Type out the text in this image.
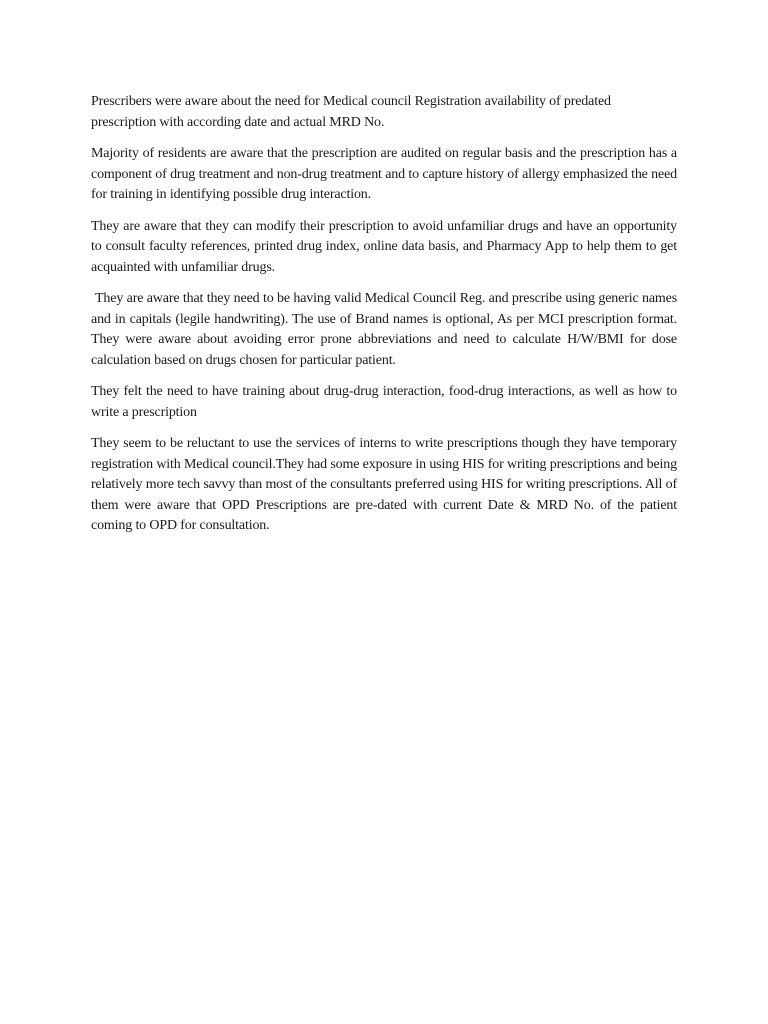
Prescribers were aware about the need for Medical council Registration availability of predated prescription with according date and actual MRD No.

Majority of residents are aware that the prescription are audited on regular basis and the prescription has a component of drug treatment and non-drug treatment and to capture history of allergy emphasized the need for training in identifying possible drug interaction.

They are aware that they can modify their prescription to avoid unfamiliar drugs and have an opportunity to consult faculty references, printed drug index, online data basis, and Pharmacy App to help them to get acquainted with unfamiliar drugs.

They are aware that they need to be having valid Medical Council Reg. and prescribe using generic names and in capitals (legile handwriting). The use of Brand names is optional, As per MCI prescription format. They were aware about avoiding error prone abbreviations and need to calculate H/W/BMI for dose calculation based on drugs chosen for particular patient.

They felt the need to have training about drug-drug interaction, food-drug interactions, as well as how to write a prescription

They seem to be reluctant to use the services of interns to write prescriptions though they have temporary registration with Medical council.They had some exposure in using HIS for writing prescriptions and being relatively more tech savvy than most of the consultants preferred using HIS for writing prescriptions. All of them were aware that OPD Prescriptions are pre-dated with current Date & MRD No. of the patient coming to OPD for consultation.
